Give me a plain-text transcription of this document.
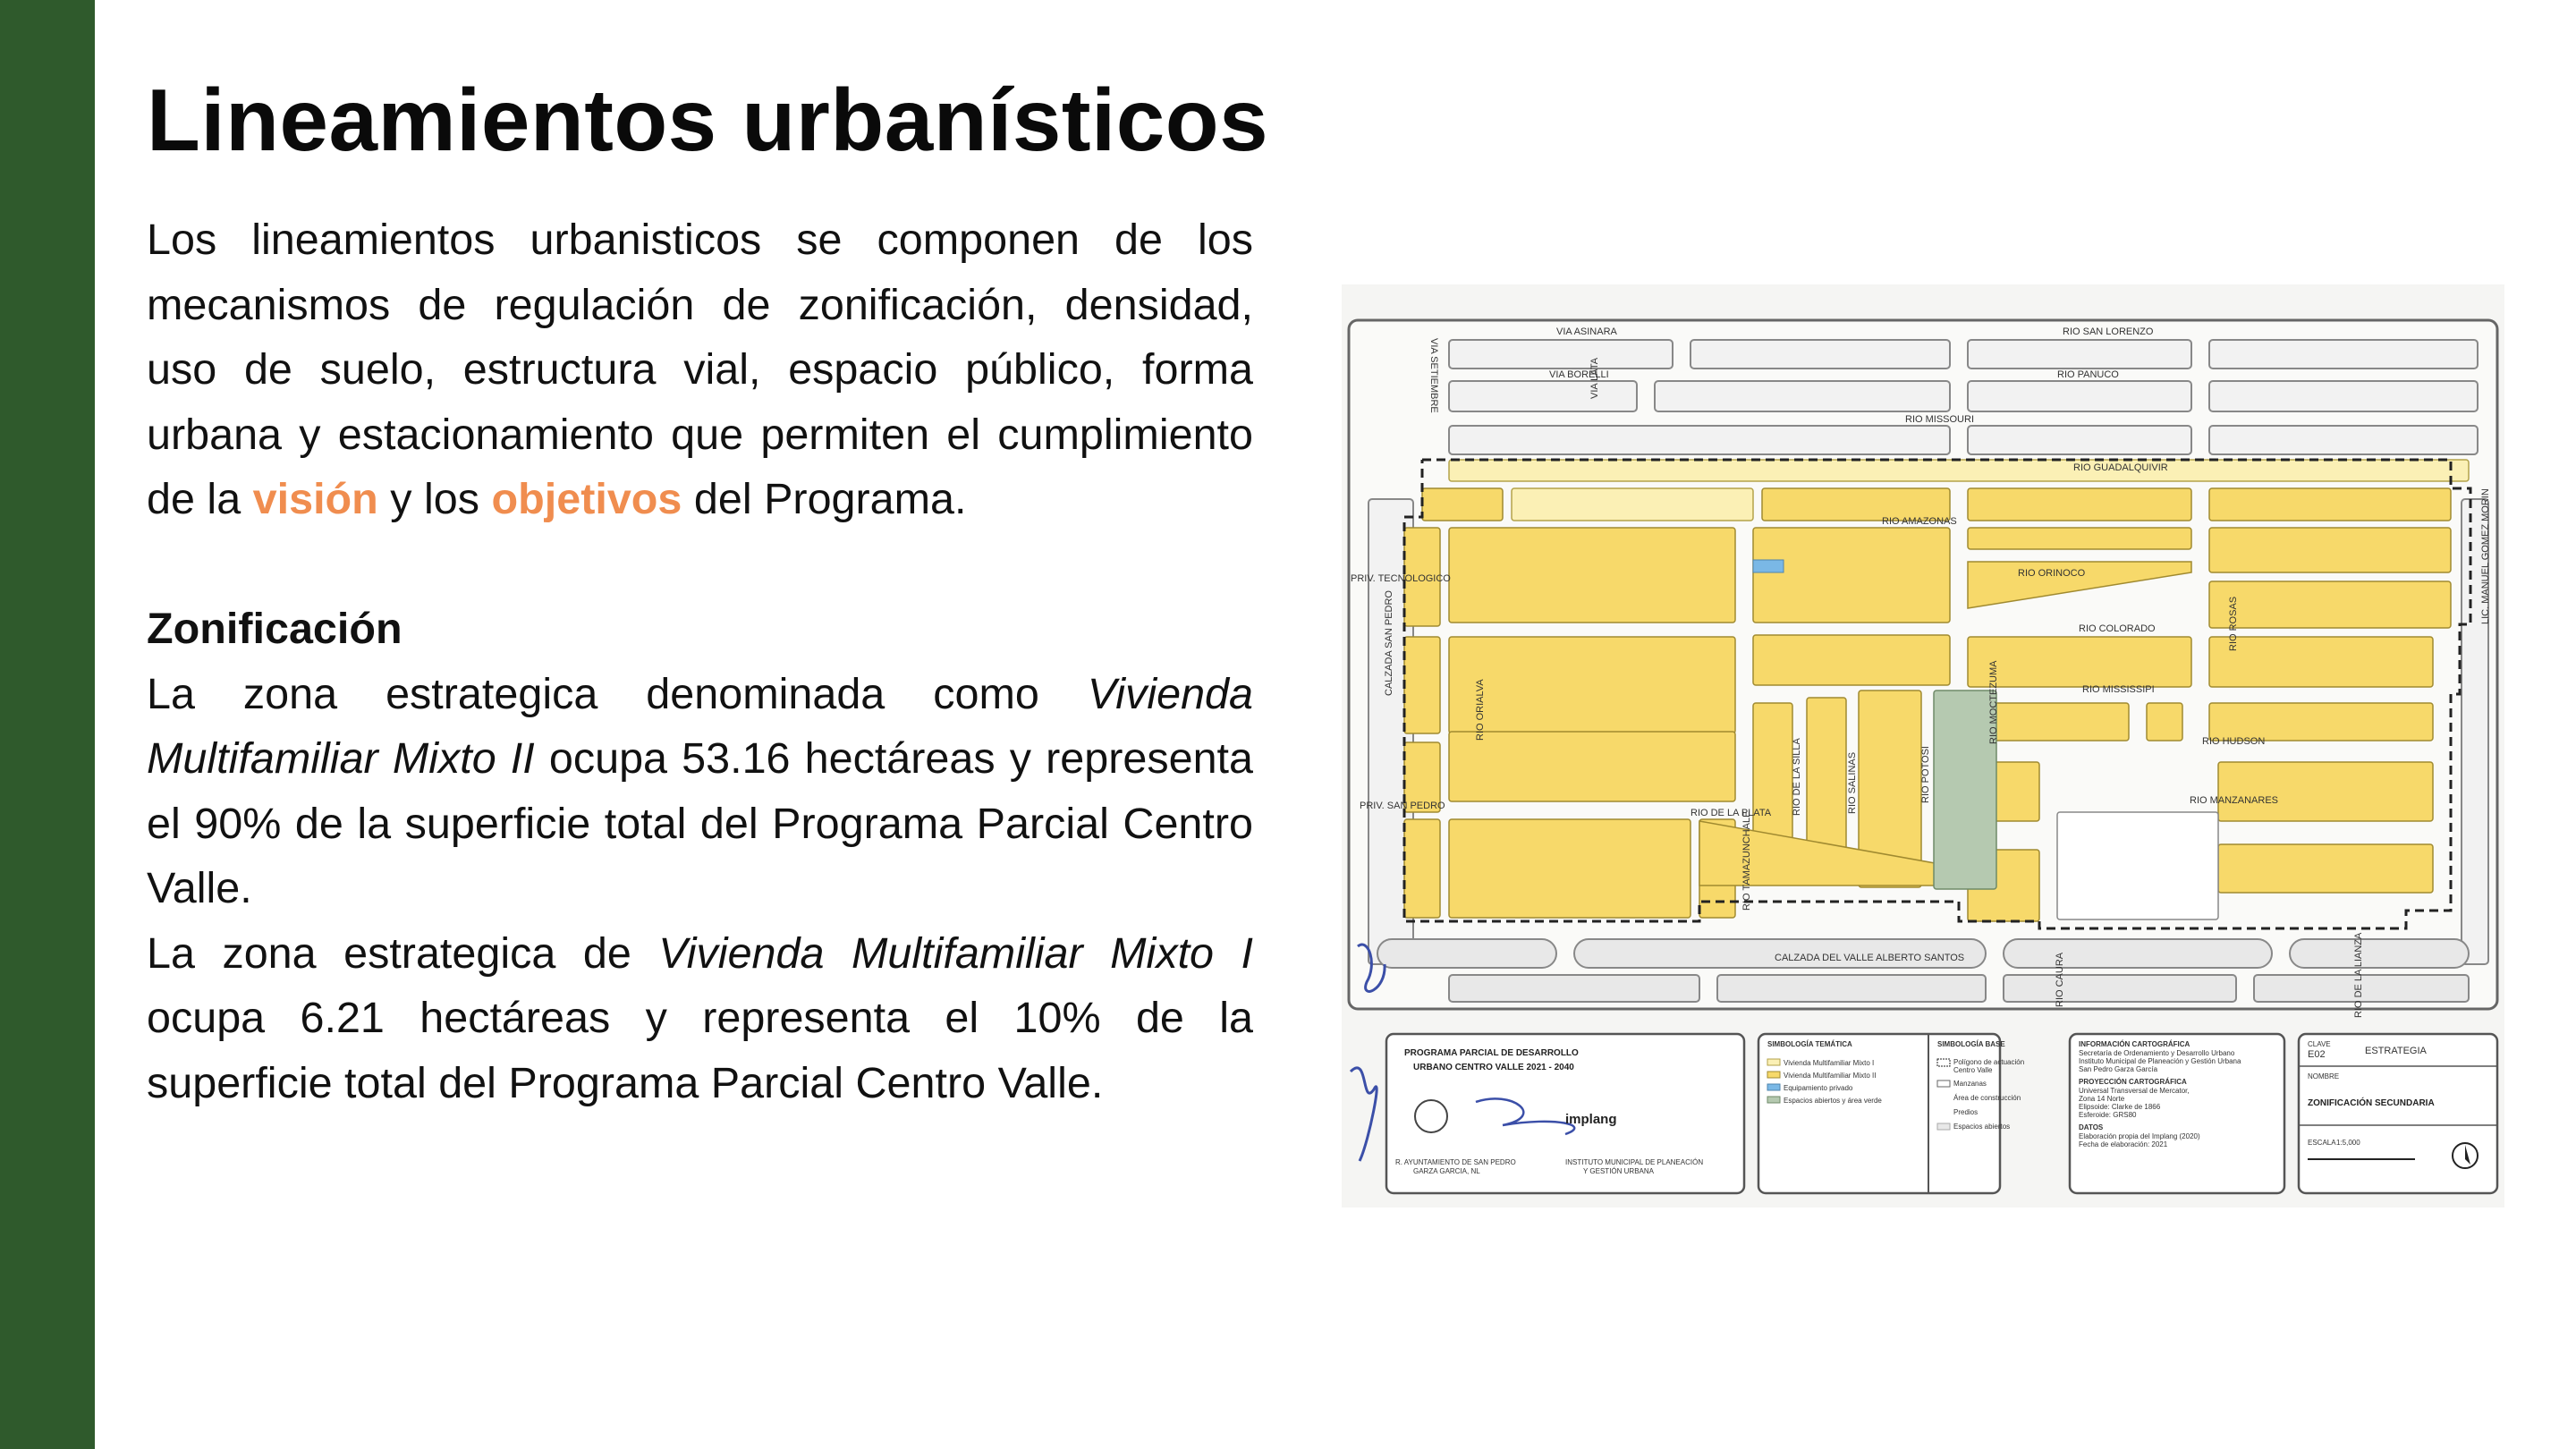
Lineamientos urbanísticos

Los lineamientos urbanisticos se componen de los mecanismos de regulación de zonificación, densidad, uso de suelo, estructura vial, espacio público, forma urbana y estacionamiento que permiten el cumplimiento de la visión y los objetivos del Programa.

Zonificación

La zona estrategica denominada como Vivienda Multifamiliar Mixto II ocupa 53.16 hectáreas y representa el 90% de la superficie total del Programa Parcial Centro Valle.

La zona estrategica de Vivienda Multifamiliar Mixto I ocupa 6.21 hectáreas y representa el 10% de la superficie total del Programa Parcial Centro Valle.

VIA ASINARA	RIO SAN LORENZO
VIA BORELLI	RIO PANUCO
VIA SETIEMBRE	VIA LATA
RIO MISSOURI
RIO GUADALQUIVIR
RIO AMAZONAS
RIO ORINOCO
PRIV. TECNOLOGICO
CALZADA SAN PEDRO	RIO COLORADO	RIO ROSAS	LIC. MANUEL GOMEZ MORIN
RIO MISSISSIPI
RIO ORIALVA	RIO MOCTEZUMA	RIO HUDSON
RIO DE LA SILLA	RIO SALINAS	RIO POTOSI
PRIV. SAN PEDRO
RIO DE LA PLATA
RIO MANZANARES
RIO TAMAZUNCHALE
CALZADA DEL VALLE ALBERTO SANTOS	RIO CAURA	RIO DE LA LIANZA
PROGRAMA PARCIAL DE DESARROLLO
URBANO CENTRO VALLE 2021 - 2040
implang
R. AYUNTAMIENTO DE SAN PEDRO
GARZA GARCIA, NL
INSTITUTO MUNICIPAL DE PLANEACIÓN
Y GESTIÓN URBANA
SIMBOLOGÍA TEMÁTICA
Vivienda Multifamiliar Mixto I
Vivienda Multifamiliar Mixto II
Equipamiento privado
Espacios abiertos y área verde
SIMBOLOGÍA BASE
Polígono de actuación
Centro Valle
Manzanas
Área de construcción
Predios
Espacios abiertos
INFORMACIÓN CARTOGRÁFICA
Secretaría de Ordenamiento y Desarrollo Urbano
Instituto Municipal de Planeación y Gestión Urbana
San Pedro Garza García
PROYECCIÓN CARTOGRÁFICA
Universal Transversal de Mercator,
Zona 14 Norte
Elipsoide: Clarke de 1866
Esferoide: GRS80
DATOS
Elaboración propia del Implang (2020)
Fecha de elaboración: 2021
CLAVE
E02	ESTRATEGIA
NOMBRE
ZONIFICACIÓN SECUNDARIA
ESCALA 1:5,000
